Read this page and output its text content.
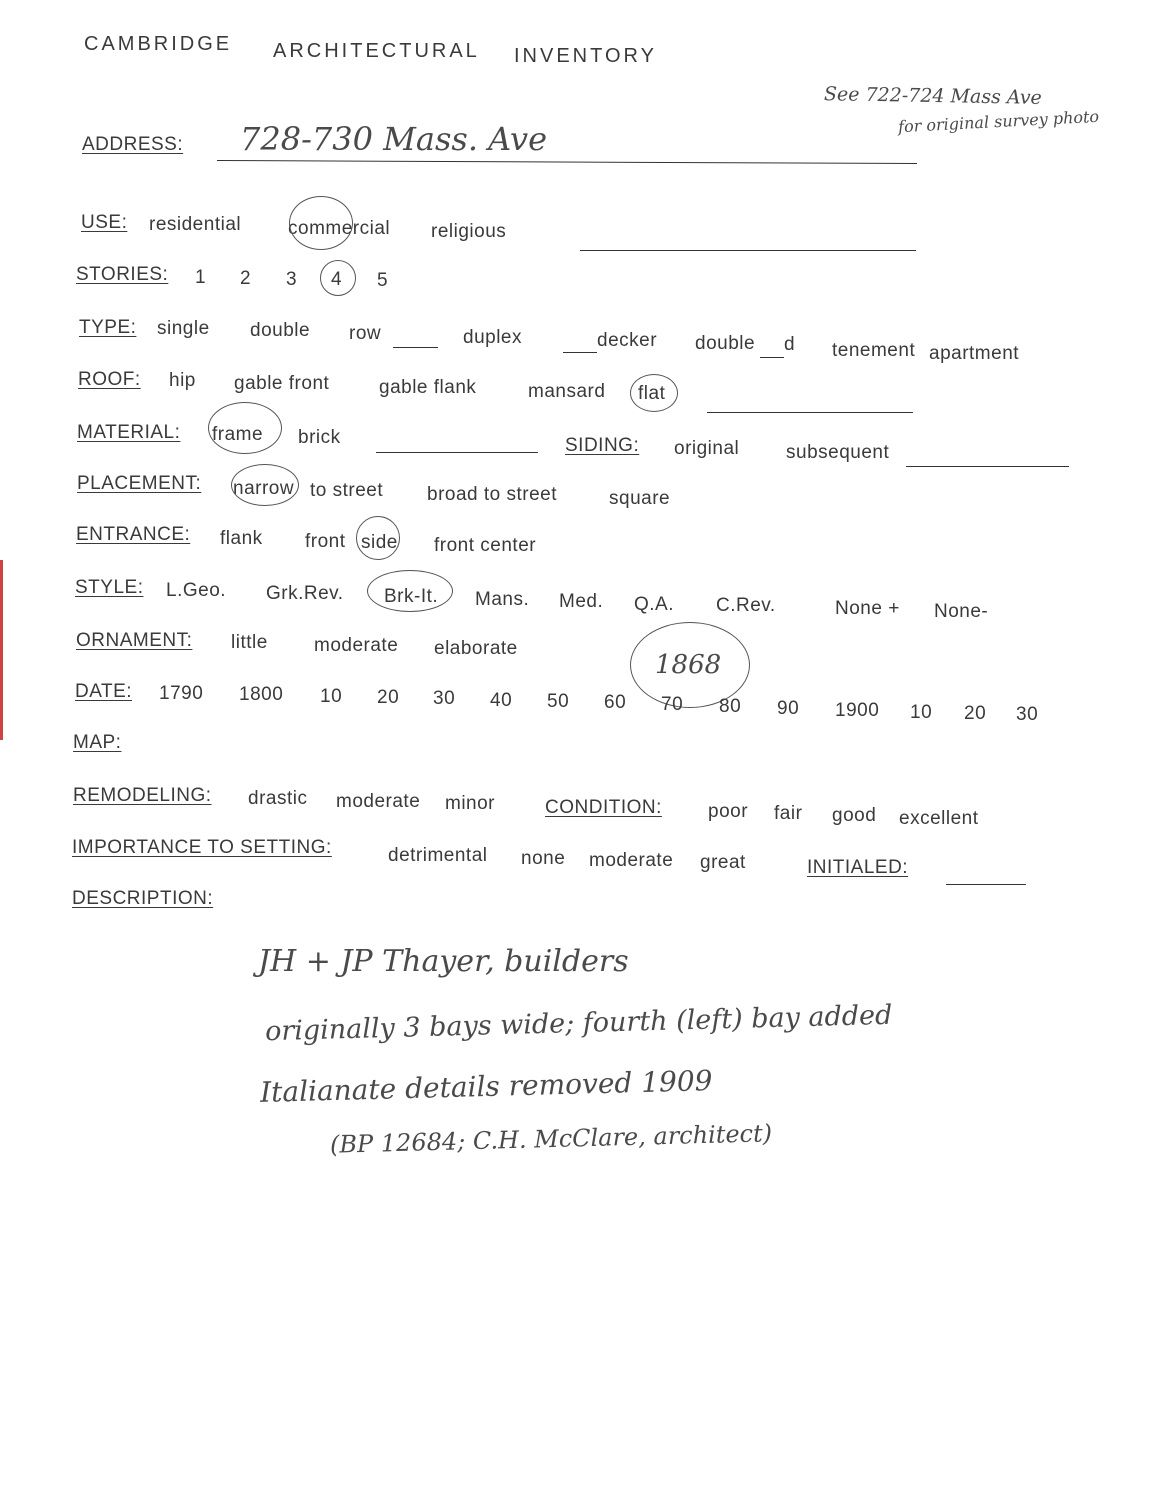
CAMBRIDGE ARCHITECTURAL INVENTORY
See 722-724 Mass Ave
for original survey photo
ADDRESS: 728-730 Mass. Ave
USE: residential commercial religious
STORIES: 1 2 3 4 5
TYPE: single double row	duplex	decker double d tenement apartment
ROOF: hip gable front	gable flank	mansard flat
MATERIAL: frame brick	SIDING: original subsequent
PLACEMENT: narrow to street broad to street	square
ENTRANCE: flank front side front center
STYLE: L.Geo. Grk.Rev. Brk-It. Mans. Med. Q.A. C.Rev.	None + None-
ORNAMENT: little moderate elaborate
1868
DATE: 1790 1800 10 20 30 40 50 60 70 80 90 1900 10 20 30
MAP:
REMODELING: drastic moderate minor	CONDITION: poor fair good excellent
IMPORTANCE TO SETTING:	detrimental none moderate great	INITIALED:
DESCRIPTION:
JH + JP Thayer, builders
originally 3 bays wide; fourth (left) bay added
Italianate details removed 1909
(BP 12684; C.H. McClare, architect)
